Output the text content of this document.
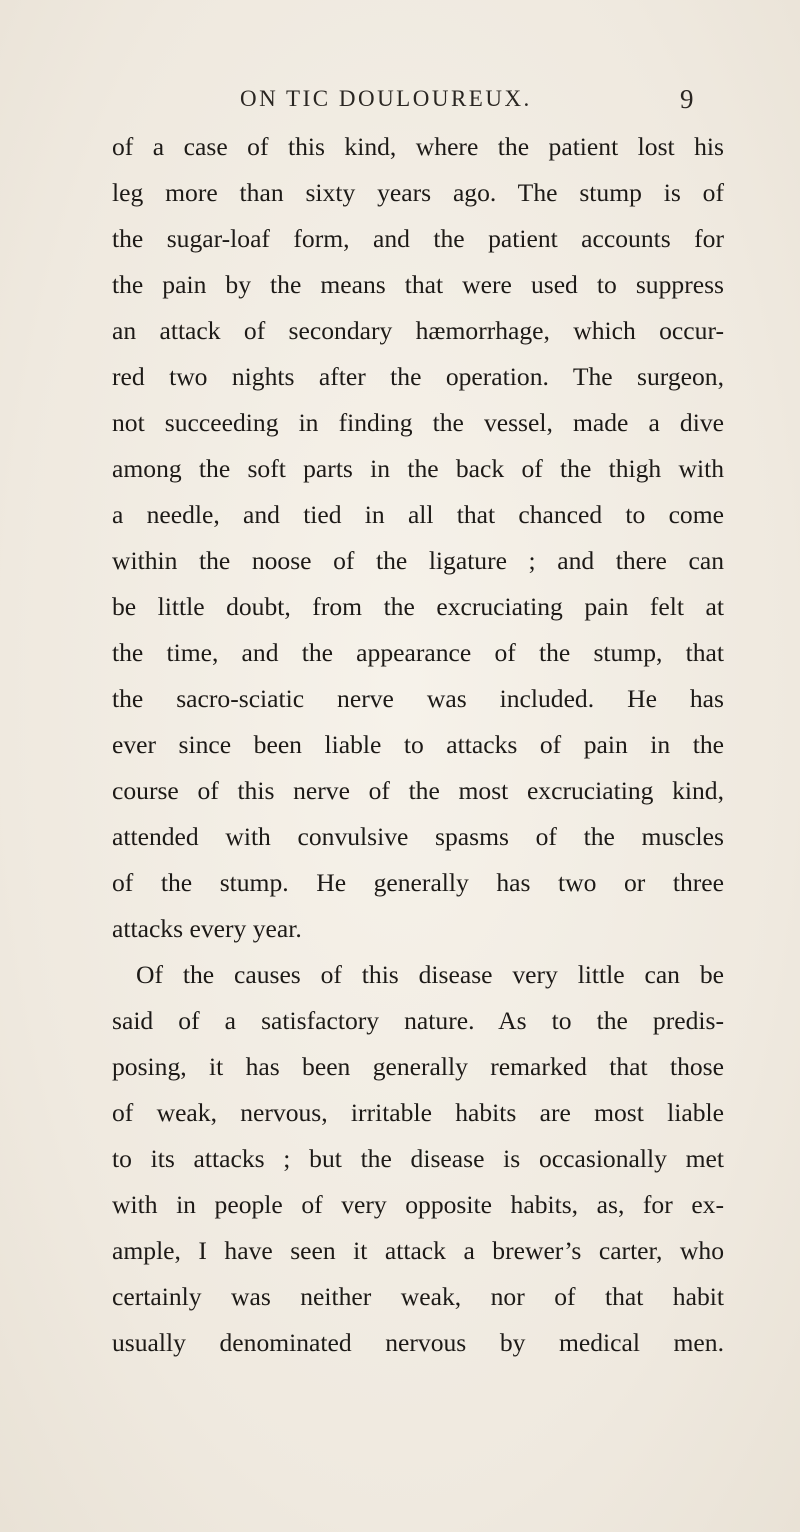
ON TIC DOULOUREUX.	9
of a case of this kind, where the patient lost his
leg more than sixty years ago. The stump is of
the sugar-loaf form, and the patient accounts for
the pain by the means that were used to suppress
an attack of secondary hæmorrhage, which occur-
red two nights after the operation. The surgeon,
not succeeding in finding the vessel, made a dive
among the soft parts in the back of the thigh with
a needle, and tied in all that chanced to come
within the noose of the ligature ; and there can
be little doubt, from the excruciating pain felt at
the time, and the appearance of the stump, that
the sacro-sciatic nerve was included. He has
ever since been liable to attacks of pain in the
course of this nerve of the most excruciating kind,
attended with convulsive spasms of the muscles
of the stump. He generally has two or three
attacks every year.
Of the causes of this disease very little can be
said of a satisfactory nature. As to the predis-
posing, it has been generally remarked that those
of weak, nervous, irritable habits are most liable
to its attacks ; but the disease is occasionally met
with in people of very opposite habits, as, for ex-
ample, I have seen it attack a brewer’s carter, who
certainly was neither weak, nor of that habit
usually denominated nervous by medical men.
